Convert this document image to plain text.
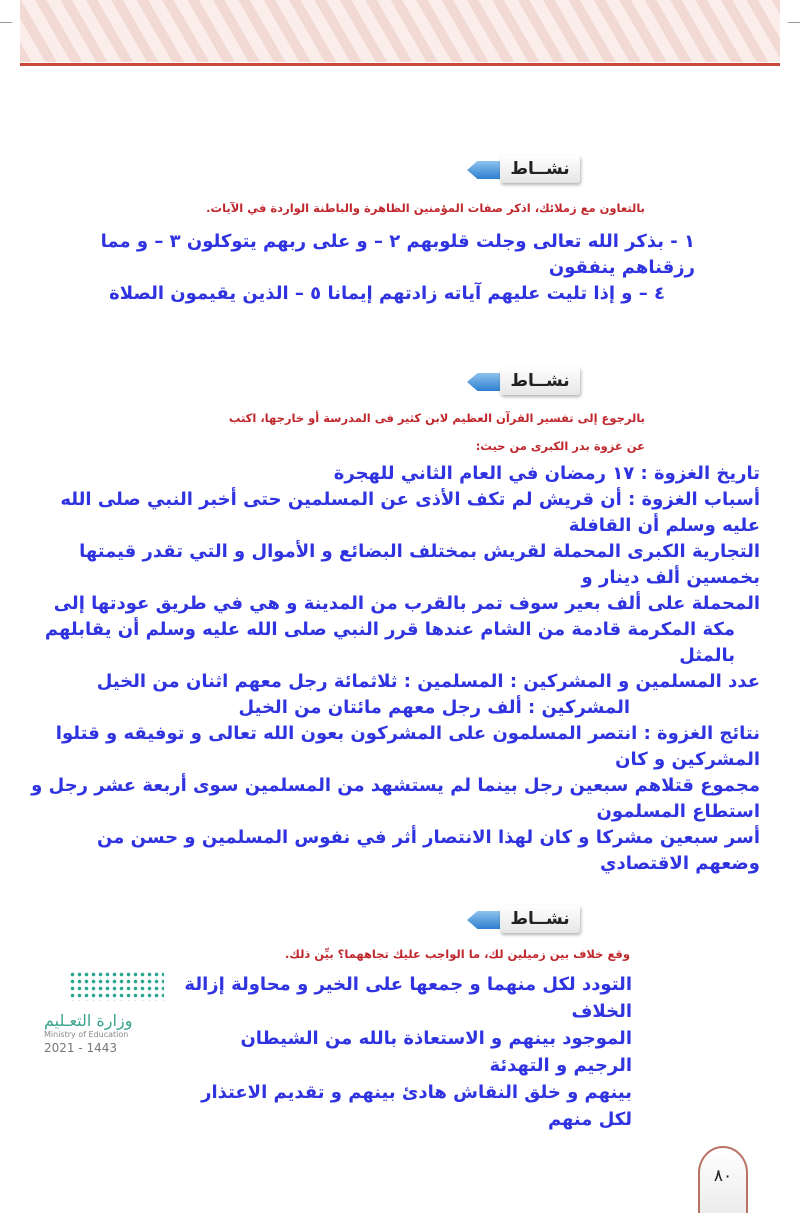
نشــاط
بالتعاون مع زملائك، اذكر صفات المؤمنين الظاهرة والباطنة الواردة في الآيات.
١ - بذكر الله تعالى وجلت قلوبهم ٢ – و على ربهم يتوكلون ٣ – و مما رزقناهم ينفقون
٤ – و إذا تليت عليهم آياته زادتهم إيمانا ٥ – الذين يقيمون الصلاة
نشــاط
بالرجوع إلى تفسير القرآن العظيم لابن كثير فى المدرسة أو خارجها، اكتب
عن غزوة بدر الكبرى من حيث:
تاريخ الغزوة : ١٧ رمضان في العام الثاني للهجرة
أسباب الغزوة : أن قريش لم تكف الأذى عن المسلمين حتى أخبر النبي صلى الله عليه وسلم أن القافلة
التجارية الكبرى المحملة لقريش بمختلف البضائع و الأموال و التي تقدر قيمتها بخمسين ألف دينار و
المحملة على ألف بعير سوف تمر بالقرب من المدينة و هي في طريق عودتها إلى
مكة المكرمة قادمة من الشام عندها قرر النبي صلى الله عليه وسلم أن يقابلهم بالمثل
عدد المسلمين و المشركين : المسلمين : ثلاثمائة رجل معهم اثنان من الخيل
المشركين : ألف رجل معهم مائتان من الخيل
نتائج الغزوة : انتصر المسلمون على المشركون بعون الله تعالى و توفيقه و قتلوا المشركين و كان
مجموع قتلاهم سبعين رجل بينما لم يستشهد من المسلمين سوى أربعة عشر رجل و استطاع المسلمون
أسر سبعين مشركا و كان لهذا الانتصار أثر في نفوس المسلمين و حسن من وضعهم الاقتصادي
نشــاط
وقع خلاف بين زميلين لك، ما الواجب عليك تجاههما؟ بيِّن ذلك.
وزارة التعـليم
Ministry of Education
2021 - 1443
التودد لكل منهما و جمعها على الخير و محاولة إزالة الخلاف
الموجود بينهم و الاستعاذة بالله من الشيطان الرجيم و التهدئة
بينهم و خلق النقاش هادئ بينهم و تقديم الاعتذار لكل منهم
٨٠
